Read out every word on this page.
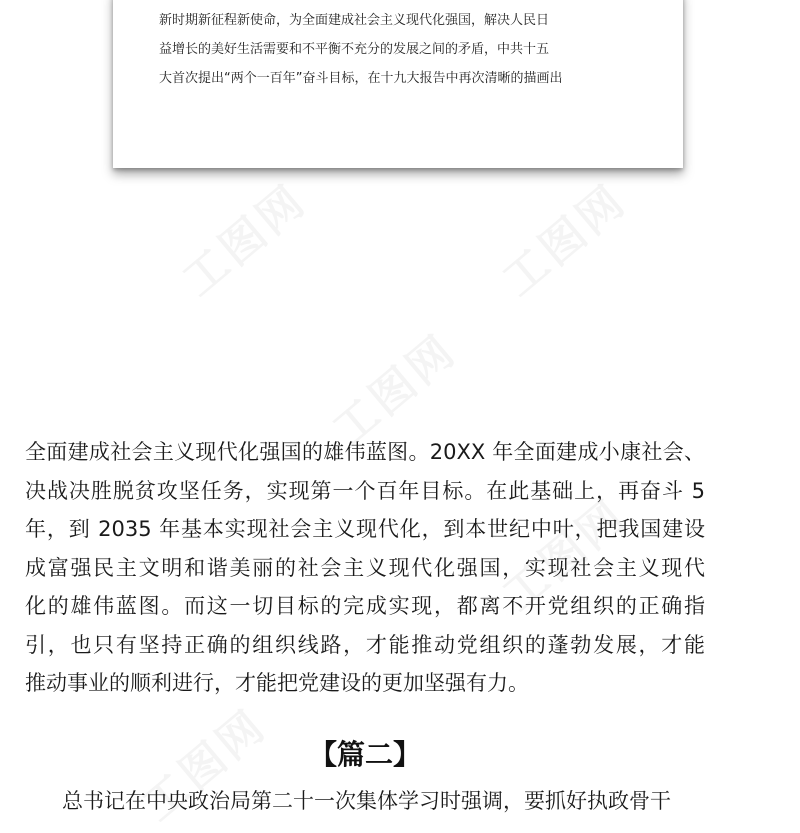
新时期新征程新使命，为全面建成社会主义现代化强国，解决人民日
益增长的美好生活需要和不平衡不充分的发展之间的矛盾，中共十五
大首次提出“两个一百年”奋斗目标，在十九大报告中再次清晰的描画出
全面建成社会主义现代化强国的雄伟蓝图。20XX 年全面建成小康社会、
决战决胜脱贫攻坚任务，实现第一个百年目标。在此基础上，再奋斗 5
年，到 2035 年基本实现社会主义现代化，到本世纪中叶，把我国建设
成富强民主文明和谐美丽的社会主义现代化强国，实现社会主义现代
化的雄伟蓝图。而这一切目标的完成实现，都离不开党组织的正确指
引，也只有坚持正确的组织线路，才能推动党组织的蓬勃发展，才能
推动事业的顺利进行，才能把党建设的更加坚强有力。
【篇二】
总书记在中央政治局第二十一次集体学习时强调，要抓好执政骨干
